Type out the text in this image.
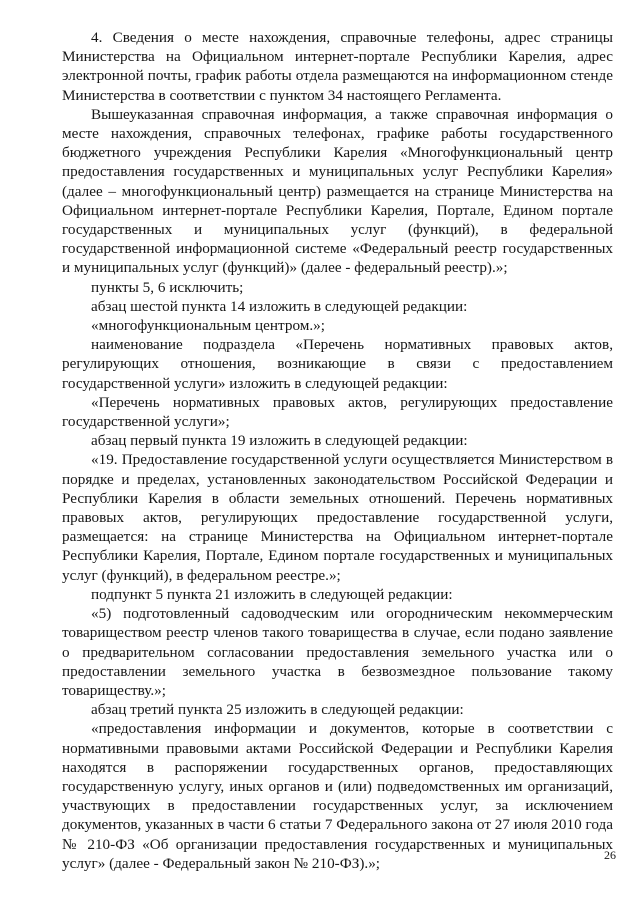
4. Сведения о месте нахождения, справочные телефоны, адрес страницы Министерства на Официальном интернет-портале Республики Карелия, адрес электронной почты, график работы отдела размещаются на информационном стенде Министерства в соответствии с пунктом 34 настоящего Регламента.

Вышеуказанная справочная информация, а также справочная информация о месте нахождения, справочных телефонах, графике работы государственного бюджетного учреждения Республики Карелия «Многофункциональный центр предоставления государственных и муниципальных услуг Республики Карелия» (далее – многофункциональный центр) размещается на странице Министерства на Официальном интернет-портале Республики Карелия, Портале, Едином портале государственных и муниципальных услуг (функций), в федеральной государственной информационной системе «Федеральный реестр государственных и муниципальных услуг (функций)» (далее - федеральный реестр).»;

пункты 5, 6 исключить;

абзац шестой пункта 14 изложить в следующей редакции:

«многофункциональным центром.»;

наименование подраздела «Перечень нормативных правовых актов, регулирующих отношения, возникающие в связи с предоставлением государственной услуги» изложить в следующей редакции:

«Перечень нормативных правовых актов, регулирующих предоставление государственной услуги»;

абзац первый пункта 19 изложить в следующей редакции:

«19. Предоставление государственной услуги осуществляется Министерством в порядке и пределах, установленных законодательством Российской Федерации и Республики Карелия в области земельных отношений. Перечень нормативных правовых актов, регулирующих предоставление государственной услуги, размещается: на странице Министерства на Официальном интернет-портале Республики Карелия, Портале, Едином портале государственных и муниципальных услуг (функций), в федеральном реестре.»;

подпункт 5 пункта 21 изложить в следующей редакции:

«5) подготовленный садоводческим или огородническим некоммерческим товариществом реестр членов такого товарищества в случае, если подано заявление о предварительном согласовании предоставления земельного участка или о предоставлении земельного участка в безвозмездное пользование такому товариществу.»;

абзац третий пункта 25 изложить в следующей редакции:

«предоставления информации и документов, которые в соответствии с нормативными правовыми актами Российской Федерации и Республики Карелия находятся в распоряжении государственных органов, предоставляющих государственную услугу, иных органов и (или) подведомственных им организаций, участвующих в предоставлении государственных услуг, за исключением документов, указанных в части 6 статьи 7 Федерального закона от 27 июля 2010 года № 210-ФЗ «Об организации предоставления государственных и муниципальных услуг» (далее - Федеральный закон № 210-ФЗ).»;	26
